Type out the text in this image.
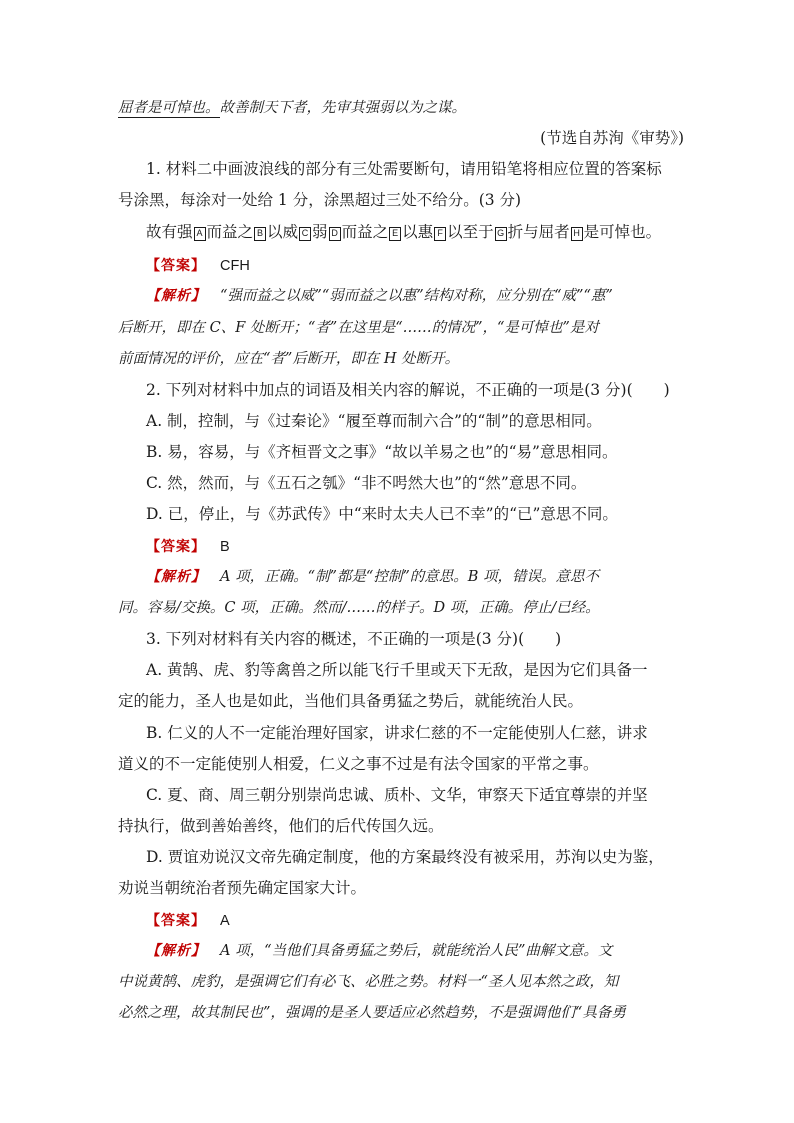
屈者是可悼也。故善制天下者，先审其强弱以为之谋。
(节选自苏洵《审势》)
1. 材料二中画波浪线的部分有三处需要断句，请用铅笔将相应位置的答案标
号涂黑，每涂对一处给 1 分，涂黑超过三处不给分。(3 分)
故有强 A 而益之 B 以威 C 弱 D 而益之 E 以惠 F 以至于 G 折与屈者 H 是可悼也。
【答案】 CFH
【解析】 “强而益之以威”“弱而益之以惠”结构对称，应分别在“威”“惠”
后断开，即在 C、F 处断开；“者”在这里是“……的情况”，“是可悼也”是对
前面情况的评价，应在“者”后断开，即在 H 处断开。
2. 下列对材料中加点的词语及相关内容的解说，不正确的一项是(3 分)(　　)
A. 制，控制，与《过秦论》“履至尊而制六合”的“制”的意思相同。
B. 易，容易，与《齐桓晋文之事》“故以羊易之也”的“易”意思相同。
C. 然，然而，与《五石之瓠》“非不呺然大也”的“然”意思不同。
D. 已，停止，与《苏武传》中“来时太夫人已不幸”的“已”意思不同。
【答案】 B
【解析】 A 项，正确。“制”都是“控制”的意思。B 项，错误。意思不
同。容易/交换。C 项，正确。然而/……的样子。D 项，正确。停止/已经。
3. 下列对材料有关内容的概述，不正确的一项是(3 分)(　　)
A. 黄鹄、虎、豹等禽兽之所以能飞行千里或天下无敌，是因为它们具备一
定的能力，圣人也是如此，当他们具备勇猛之势后，就能统治人民。
B. 仁义的人不一定能治理好国家，讲求仁慈的不一定能使别人仁慈，讲求
道义的不一定能使别人相爱，仁义之事不过是有法令国家的平常之事。
C. 夏、商、周三朝分别崇尚忠诚、质朴、文华，审察天下适宜尊崇的并坚
持执行，做到善始善终，他们的后代传国久远。
D. 贾谊劝说汉文帝先确定制度，他的方案最终没有被采用，苏洵以史为鉴，
劝说当朝统治者预先确定国家大计。
【答案】 A
【解析】 A 项，“当他们具备勇猛之势后，就能统治人民”曲解文意。文
中说黄鹄、虎豹，是强调它们有必飞、必胜之势。材料一“圣人见本然之政，知
必然之理，故其制民也”，强调的是圣人要适应必然趋势，不是强调他们“具备勇
